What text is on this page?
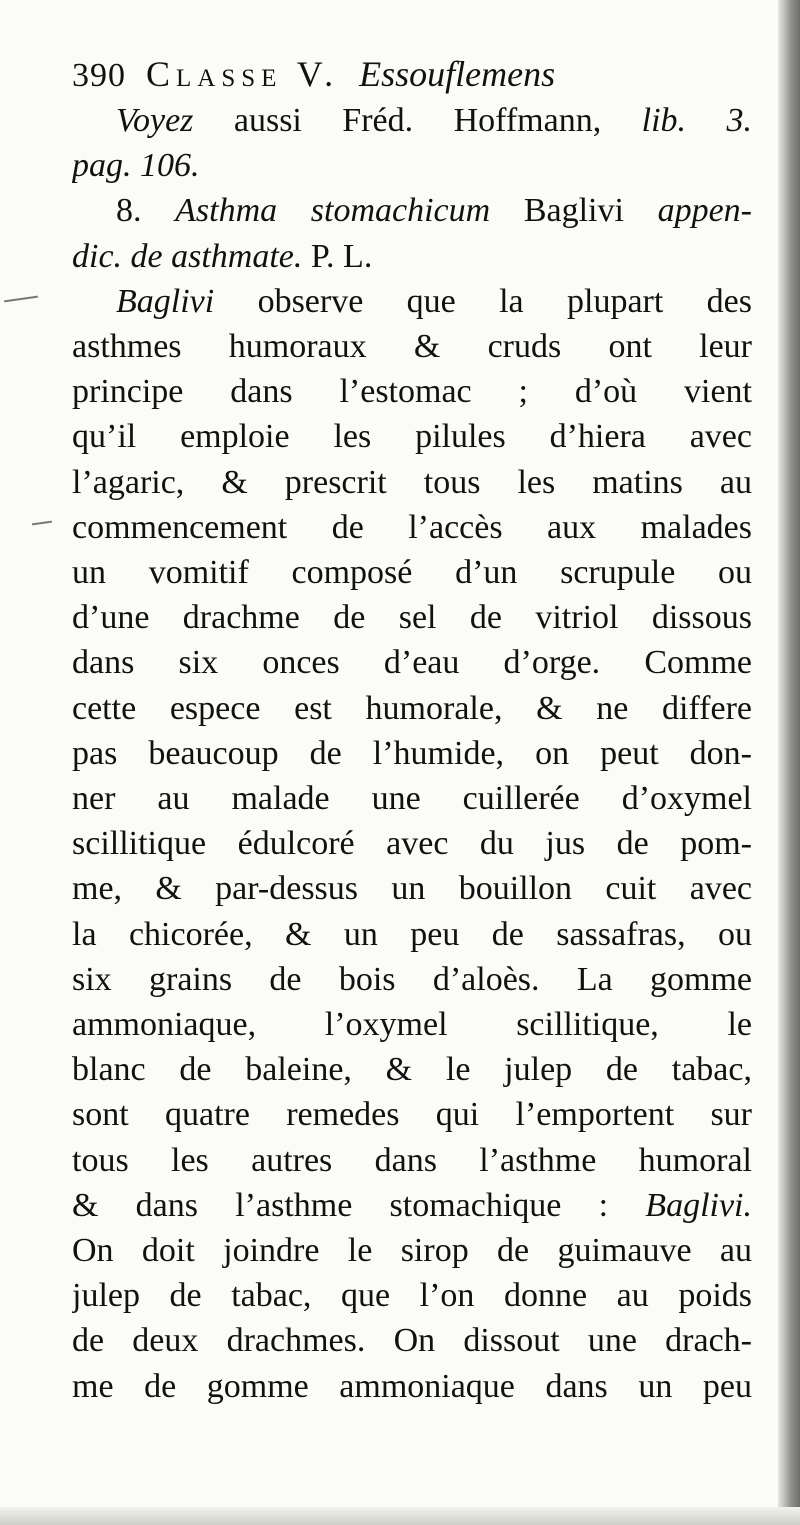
390 Classe V. Essouflemens
Voyez aussi Fréd. Hoffmann, lib. 3.
pag. 106.
8. Asthma stomachicum Baglivi appen-
dic. de asthmate. P. L.
Baglivi observe que la plupart des
asthmes humoraux & cruds ont leur
principe dans l’estomac ; d’où vient
qu’il emploie les pilules d’hiera avec
l’agaric, & prescrit tous les matins au
commencement de l’accès aux malades
un vomitif composé d’un scrupule ou
d’une drachme de sel de vitriol dissous
dans six onces d’eau d’orge. Comme
cette espece est humorale, & ne differe
pas beaucoup de l’humide, on peut don-
ner au malade une cuillerée d’oxymel
scillitique édulcoré avec du jus de pom-
me, & par-dessus un bouillon cuit avec
la chicorée, & un peu de sassafras, ou
six grains de bois d’aloès. La gomme
ammoniaque, l’oxymel scillitique, le
blanc de baleine, & le julep de tabac,
sont quatre remedes qui l’emportent sur
tous les autres dans l’asthme humoral
& dans l’asthme stomachique : Baglivi.
On doit joindre le sirop de guimauve au
julep de tabac, que l’on donne au poids
de deux drachmes. On dissout une drach-
me de gomme ammoniaque dans un peu
